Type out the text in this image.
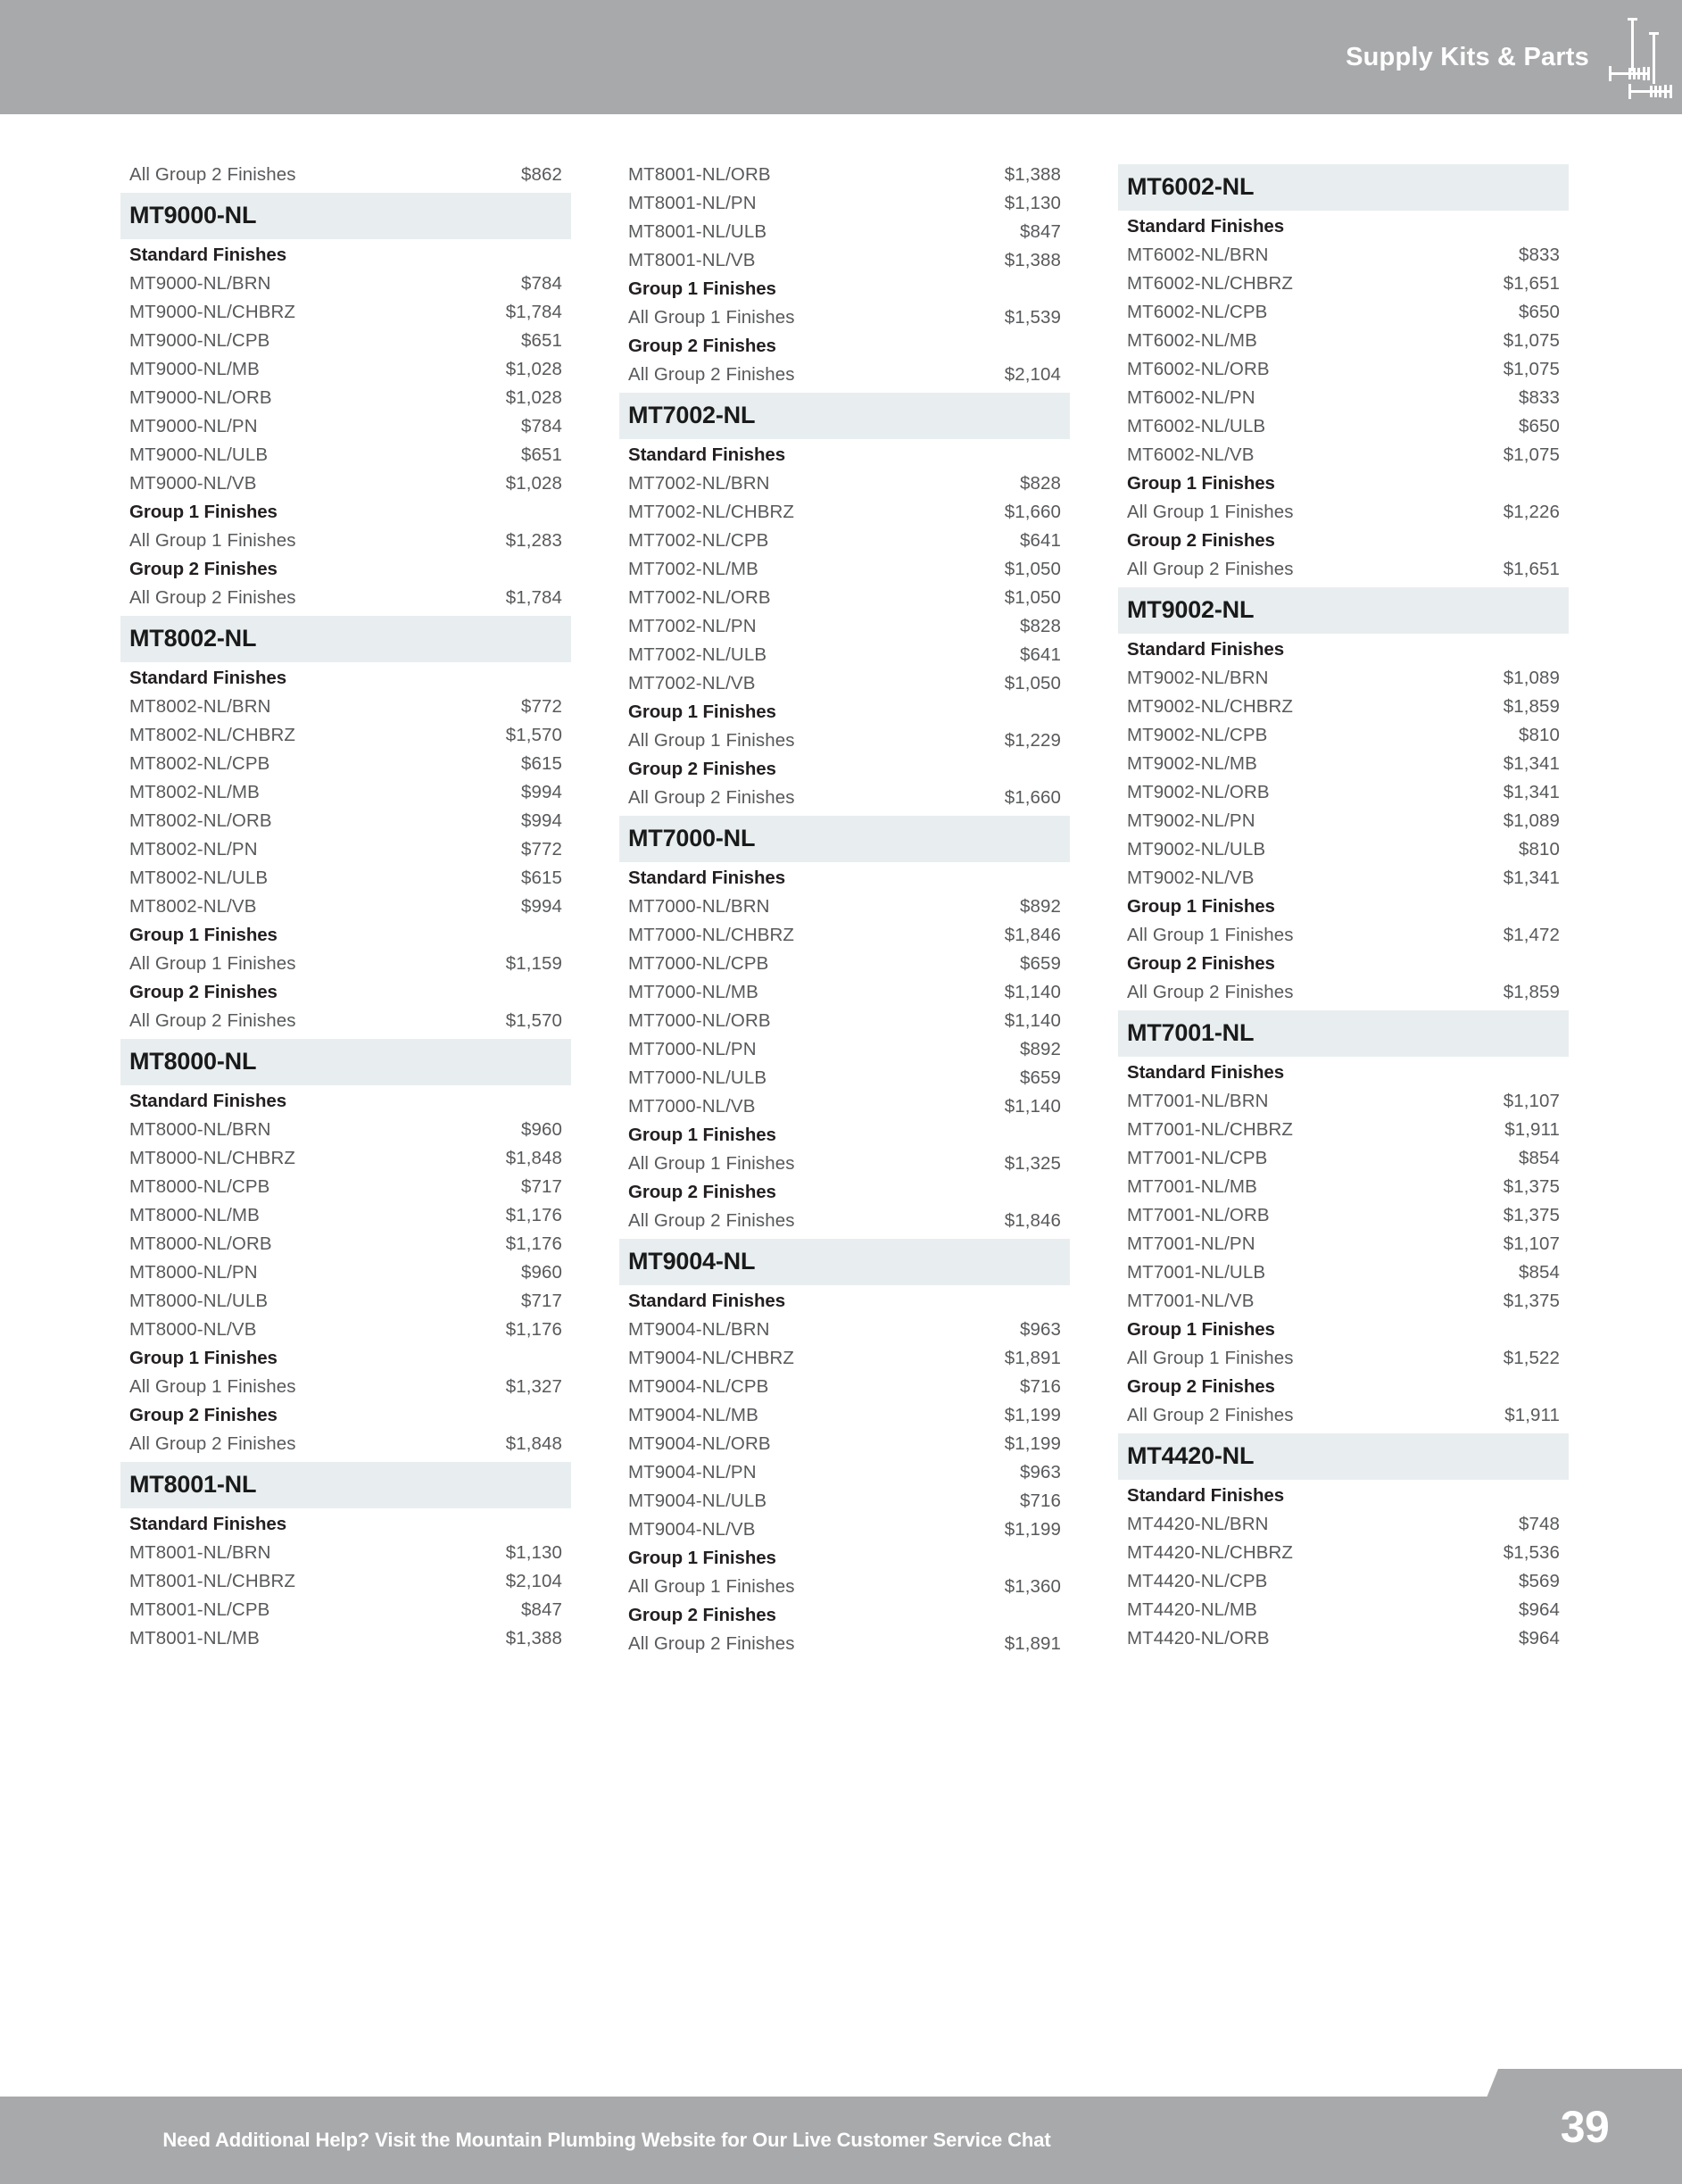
Supply Kits & Parts
All Group 2 Finishes	$862
MT9000-NL
Standard Finishes
MT9000-NL/BRN	$784
MT9000-NL/CHBRZ	$1,784
MT9000-NL/CPB	$651
MT9000-NL/MB	$1,028
MT9000-NL/ORB	$1,028
MT9000-NL/PN	$784
MT9000-NL/ULB	$651
MT9000-NL/VB	$1,028
Group 1 Finishes
All Group 1 Finishes	$1,283
Group 2 Finishes
All Group 2 Finishes	$1,784
MT8002-NL
Standard Finishes
MT8002-NL/BRN	$772
MT8002-NL/CHBRZ	$1,570
MT8002-NL/CPB	$615
MT8002-NL/MB	$994
MT8002-NL/ORB	$994
MT8002-NL/PN	$772
MT8002-NL/ULB	$615
MT8002-NL/VB	$994
Group 1 Finishes
All Group 1 Finishes	$1,159
Group 2 Finishes
All Group 2 Finishes	$1,570
MT8000-NL
Standard Finishes
MT8000-NL/BRN	$960
MT8000-NL/CHBRZ	$1,848
MT8000-NL/CPB	$717
MT8000-NL/MB	$1,176
MT8000-NL/ORB	$1,176
MT8000-NL/PN	$960
MT8000-NL/ULB	$717
MT8000-NL/VB	$1,176
Group 1 Finishes
All Group 1 Finishes	$1,327
Group 2 Finishes
All Group 2 Finishes	$1,848
MT8001-NL
Standard Finishes
MT8001-NL/BRN	$1,130
MT8001-NL/CHBRZ	$2,104
MT8001-NL/CPB	$847
MT8001-NL/MB	$1,388
MT8001-NL/ORB	$1,388
MT8001-NL/PN	$1,130
MT8001-NL/ULB	$847
MT8001-NL/VB	$1,388
Group 1 Finishes
All Group 1 Finishes	$1,539
Group 2 Finishes
All Group 2 Finishes	$2,104
MT7002-NL
Standard Finishes
MT7002-NL/BRN	$828
MT7002-NL/CHBRZ	$1,660
MT7002-NL/CPB	$641
MT7002-NL/MB	$1,050
MT7002-NL/ORB	$1,050
MT7002-NL/PN	$828
MT7002-NL/ULB	$641
MT7002-NL/VB	$1,050
Group 1 Finishes
All Group 1 Finishes	$1,229
Group 2 Finishes
All Group 2 Finishes	$1,660
MT7000-NL
Standard Finishes
MT7000-NL/BRN	$892
MT7000-NL/CHBRZ	$1,846
MT7000-NL/CPB	$659
MT7000-NL/MB	$1,140
MT7000-NL/ORB	$1,140
MT7000-NL/PN	$892
MT7000-NL/ULB	$659
MT7000-NL/VB	$1,140
Group 1 Finishes
All Group 1 Finishes	$1,325
Group 2 Finishes
All Group 2 Finishes	$1,846
MT9004-NL
Standard Finishes
MT9004-NL/BRN	$963
MT9004-NL/CHBRZ	$1,891
MT9004-NL/CPB	$716
MT9004-NL/MB	$1,199
MT9004-NL/ORB	$1,199
MT9004-NL/PN	$963
MT9004-NL/ULB	$716
MT9004-NL/VB	$1,199
Group 1 Finishes
All Group 1 Finishes	$1,360
Group 2 Finishes
All Group 2 Finishes	$1,891
MT6002-NL
Standard Finishes
MT6002-NL/BRN	$833
MT6002-NL/CHBRZ	$1,651
MT6002-NL/CPB	$650
MT6002-NL/MB	$1,075
MT6002-NL/ORB	$1,075
MT6002-NL/PN	$833
MT6002-NL/ULB	$650
MT6002-NL/VB	$1,075
Group 1 Finishes
All Group 1 Finishes	$1,226
Group 2 Finishes
All Group 2 Finishes	$1,651
MT9002-NL
Standard Finishes
MT9002-NL/BRN	$1,089
MT9002-NL/CHBRZ	$1,859
MT9002-NL/CPB	$810
MT9002-NL/MB	$1,341
MT9002-NL/ORB	$1,341
MT9002-NL/PN	$1,089
MT9002-NL/ULB	$810
MT9002-NL/VB	$1,341
Group 1 Finishes
All Group 1 Finishes	$1,472
Group 2 Finishes
All Group 2 Finishes	$1,859
MT7001-NL
Standard Finishes
MT7001-NL/BRN	$1,107
MT7001-NL/CHBRZ	$1,911
MT7001-NL/CPB	$854
MT7001-NL/MB	$1,375
MT7001-NL/ORB	$1,375
MT7001-NL/PN	$1,107
MT7001-NL/ULB	$854
MT7001-NL/VB	$1,375
Group 1 Finishes
All Group 1 Finishes	$1,522
Group 2 Finishes
All Group 2 Finishes	$1,911
MT4420-NL
Standard Finishes
MT4420-NL/BRN	$748
MT4420-NL/CHBRZ	$1,536
MT4420-NL/CPB	$569
MT4420-NL/MB	$964
MT4420-NL/ORB	$964
Need Additional Help? Visit the Mountain Plumbing Website for Our Live Customer Service Chat	39
